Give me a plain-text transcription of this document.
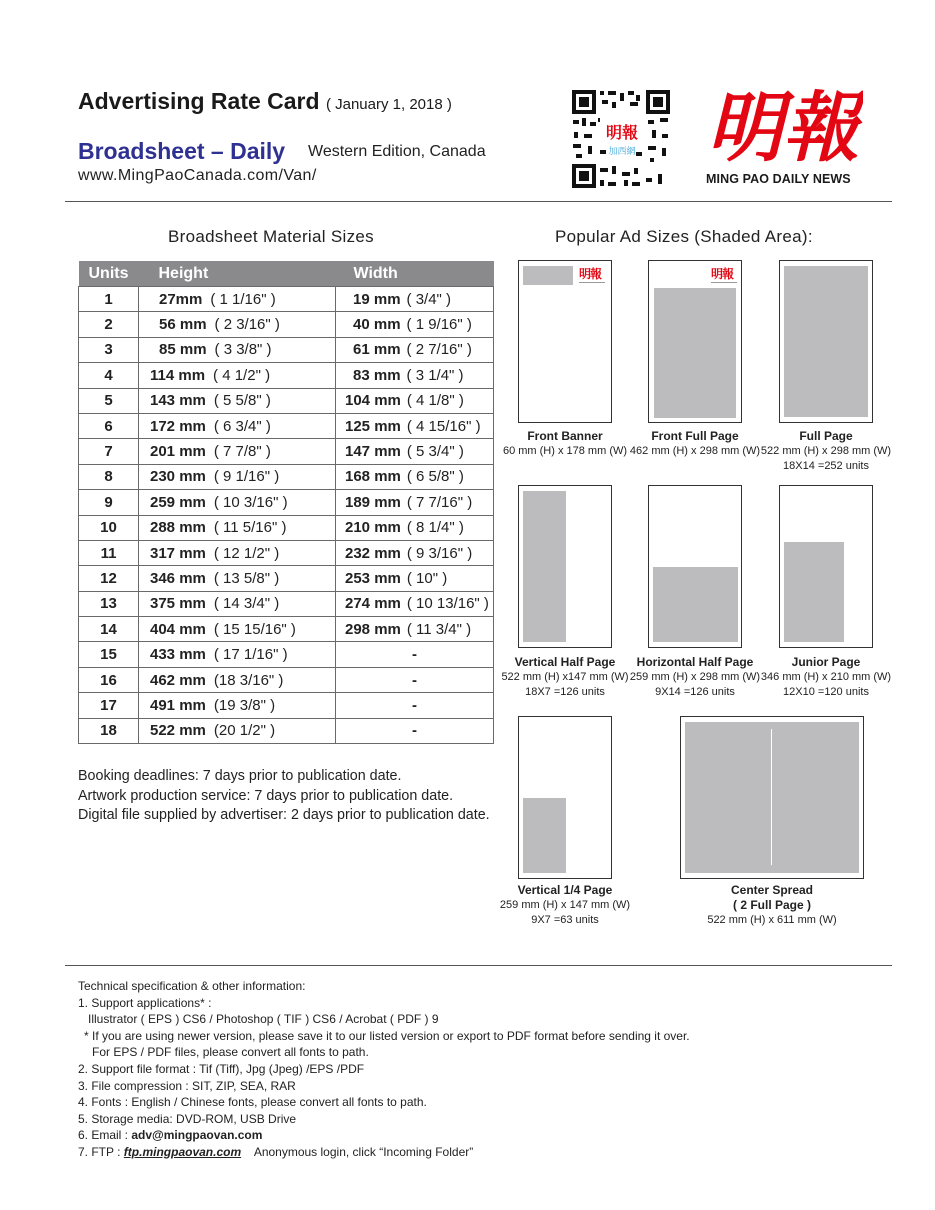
Advertising Rate Card ( January 1, 2018 )
Broadsheet – Daily Western Edition, Canada
www.MingPaoCanada.com/Van/
明報
加西網 明報
MING PAO DAILY NEWS
Broadsheet Material Sizes
Units	Height	Width
1	27mm ( 1 1/16" )	19 mm ( 3/4" )
2	56 mm ( 2 3/16" )	40 mm ( 1 9/16" )
3	85 mm ( 3 3/8" )	61 mm ( 2 7/16" )
4	114 mm ( 4 1/2" )	83 mm ( 3 1/4" )
5	143 mm ( 5 5/8" )	104 mm ( 4 1/8" )
6	172 mm ( 6 3/4" )	125 mm ( 4 15/16" )
7	201 mm ( 7 7/8" )	147 mm ( 5 3/4" )
8	230 mm ( 9 1/16" )	168 mm ( 6 5/8" )
9	259 mm ( 10 3/16" )	189 mm ( 7 7/16" )
10	288 mm ( 11 5/16" )	210 mm ( 8 1/4" )
11	317 mm ( 12 1/2" )	232 mm ( 9 3/16" )
12	346 mm ( 13 5/8" )	253 mm ( 10" )
13	375 mm ( 14 3/4" )	274 mm ( 10 13/16" )
14	404 mm ( 15 15/16" )	298 mm ( 11 3/4" )
15	433 mm ( 17 1/16" )	-
16	462 mm (18 3/16" )	-
17	491 mm (19 3/8" )	-
18	522 mm (20 1/2" )	-
Booking deadlines: 7 days prior to publication date.
Artwork production service: 7 days prior to publication date.
Digital file supplied by advertiser: 2 days prior to publication date.
Popular Ad Sizes (Shaded Area):
明報	明報
Front Banner
60 mm (H) x 178 mm (W)
Front Full Page
462 mm (H) x 298 mm (W)
Full Page
522 mm (H) x 298 mm (W)
18X14 =252 units
Vertical Half Page
522 mm (H) x147 mm (W)
18X7 =126 units
Horizontal Half Page
259 mm (H) x 298 mm (W)
9X14 =126 units
Junior Page
346 mm (H) x 210 mm (W)
12X10 =120 units
Vertical 1/4 Page
259 mm (H) x 147 mm (W)
9X7 =63 units
Center Spread
( 2 Full Page )
522 mm (H) x 611 mm (W)
Technical specification & other information:
1. Support applications* :
Illustrator ( EPS ) CS6 / Photoshop ( TIF ) CS6 / Acrobat ( PDF ) 9
* If you are using newer version, please save it to our listed version or export to PDF format before sending it over.
For EPS / PDF files, please convert all fonts to path.
2. Support file format : Tif (Tiff), Jpg (Jpeg) /EPS /PDF
3. File compression : SIT, ZIP, SEA, RAR
4. Fonts : English / Chinese fonts, please convert all fonts to path.
5. Storage media: DVD-ROM, USB Drive
6. Email : adv@mingpaovan.com
7. FTP : ftp.mingpaovan.com    Anonymous login, click “Incoming Folder”
